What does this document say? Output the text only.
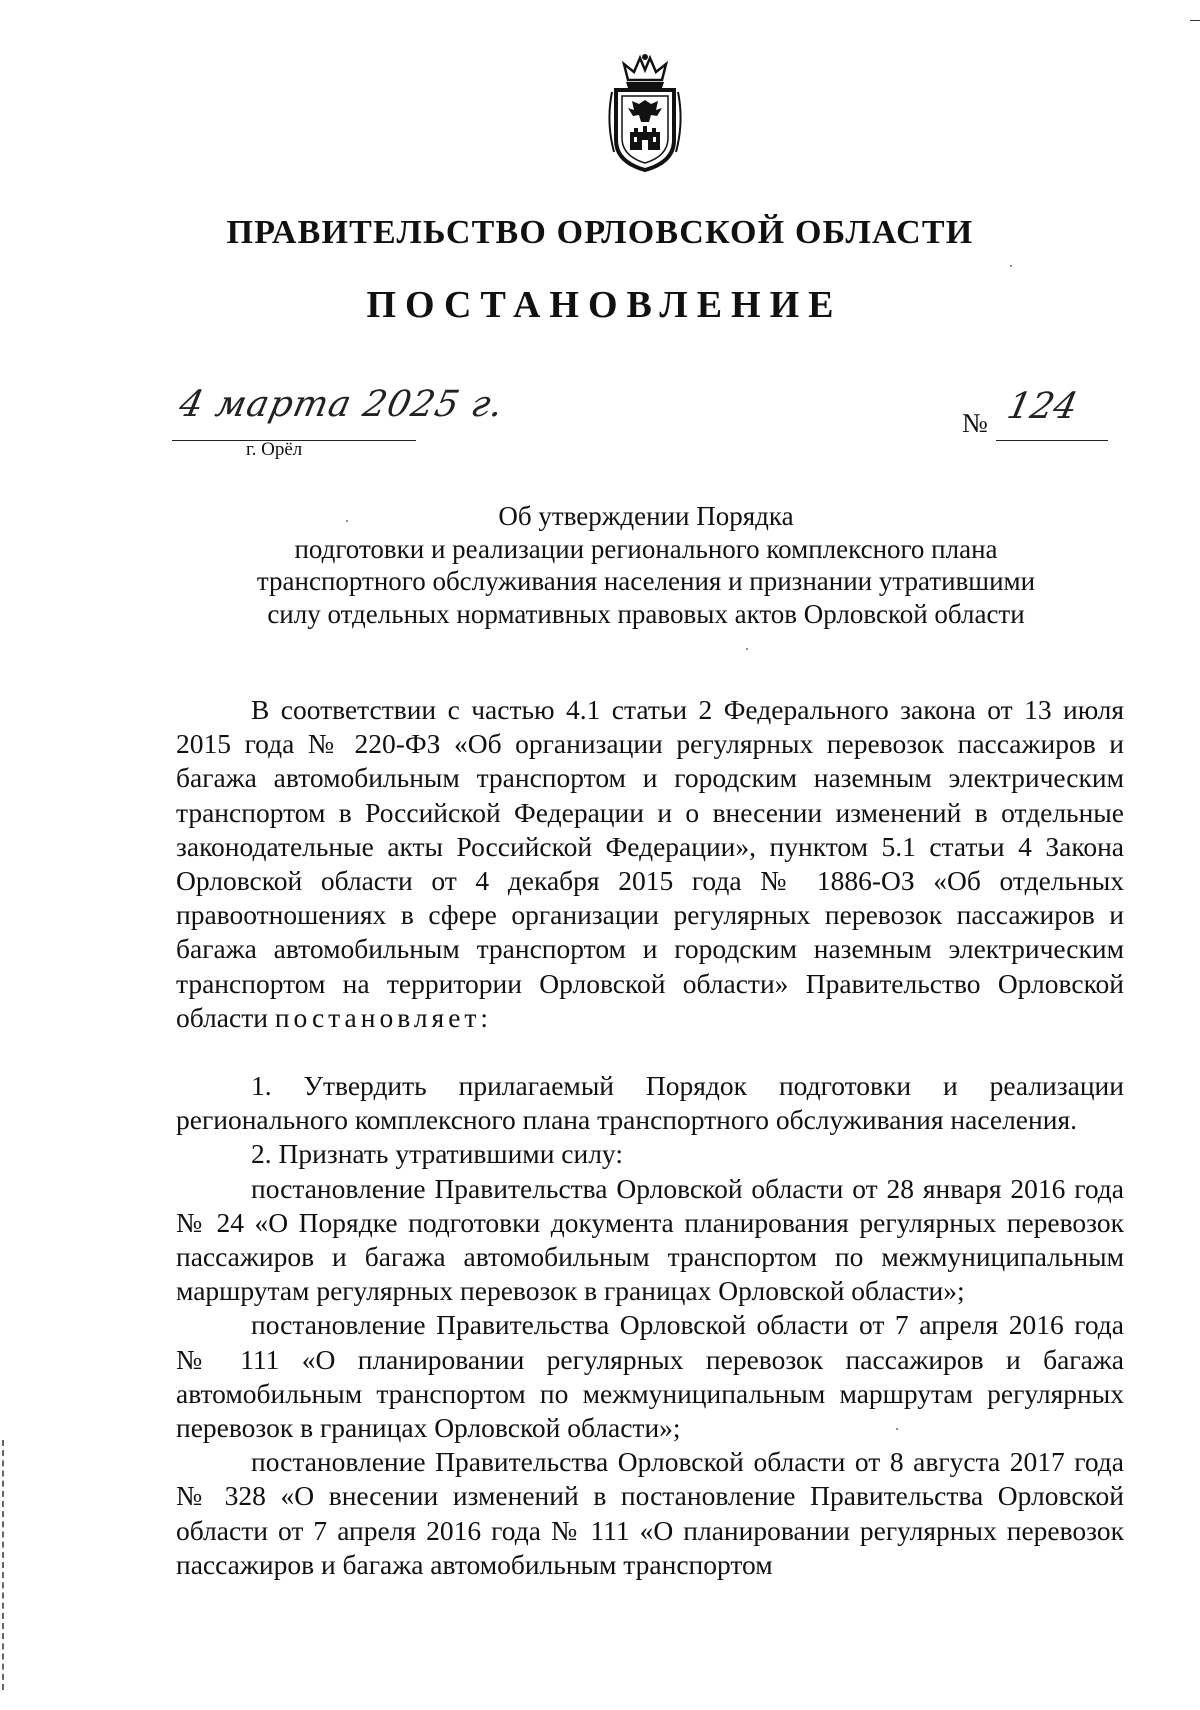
ПРАВИТЕЛЬСТВО ОРЛОВСКОЙ ОБЛАСТИ
ПОСТАНОВЛЕНИЕ
4 марта 2025 г.
г. Орёл
№ 124
Об утверждении Порядка
подготовки и реализации регионального комплексного плана
транспортного обслуживания населения и признании утратившими
силу отдельных нормативных правовых актов Орловской области

В соответствии с частью 4.1 статьи 2 Федерального закона от 13 июля 2015 года № 220-ФЗ «Об организации регулярных перевозок пассажиров и багажа автомобильным транспортом и городским наземным электрическим транспортом в Российской Федерации и о внесении изменений в отдельные законодательные акты Российской Федерации», пунктом 5.1 статьи 4 Закона Орловской области от 4 декабря 2015 года № 1886-ОЗ «Об отдельных правоотношениях в сфере организации регулярных перевозок пассажиров и багажа автомобильным транспортом и городским наземным электрическим транспортом на территории Орловской области» Правительство Орловской области постановляет:

1. Утвердить прилагаемый Порядок подготовки и реализации регионального комплексного плана транспортного обслуживания населения.

2. Признать утратившими силу:

постановление Правительства Орловской области от 28 января 2016 года № 24 «О Порядке подготовки документа планирования регулярных перевозок пассажиров и багажа автомобильным транспортом по межмуниципальным маршрутам регулярных перевозок в границах Орловской области»;

постановление Правительства Орловской области от 7 апреля 2016 года № 111 «О планировании регулярных перевозок пассажиров и багажа автомобильным транспортом по межмуниципальным маршрутам регулярных перевозок в границах Орловской области»;

постановление Правительства Орловской области от 8 августа 2017 года № 328 «О внесении изменений в постановление Правительства Орловской области от 7 апреля 2016 года № 111 «О планировании регулярных перевозок пассажиров и багажа автомобильным транспортом
